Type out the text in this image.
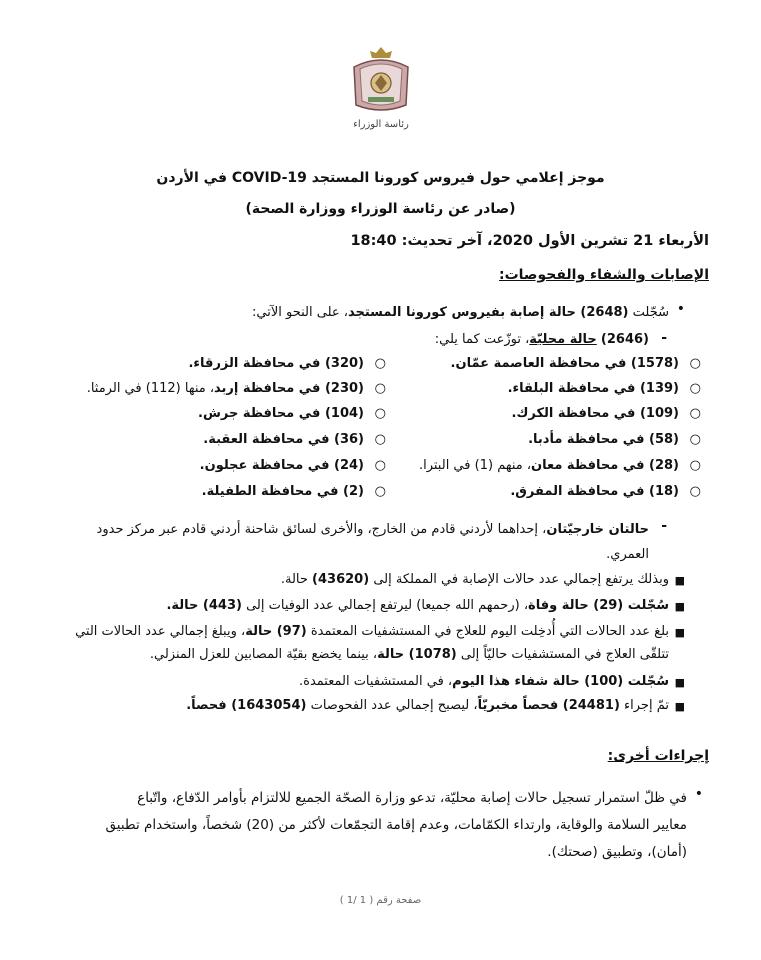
رئاسة الوزراء
موجز إعلامي حول فيروس كورونا المستجد COVID-19 في الأردن
(صادر عن رئاسة الوزراء ووزارة الصحة)
الأربعاء 21 تشرين الأول 2020، آخر تحديث: 18:40
الإصابات والشفاء والفحوصات:
•
سُجّلت (2648) حالة إصابة بفيروس كورونا المستجد، على النحو الآتي:
-
(2646) حالة محليّة، توزّعت كما يلي:
○
(1578) في محافظة العاصمة عمّان.
○
(139) في محافظة البلقاء.
○
(109) في محافظة الكرك.
○
(58) في محافظة مأدبا.
○
(28) في محافظة معان، منهم (1) في البترا.
○
(18) في محافظة المفرق.
○
(320) في محافظة الزرقاء.
○
(230) في محافظة إربد، منها (112) في الرمثا.
○
(104) في محافظة جرش.
○
(36) في محافظة العقبة.
○
(24) في محافظة عجلون.
○
(2) في محافظة الطفيلة.
-
حالتان خارجيّتان، إحداهما لأردني قادم من الخارج، والأخرى لسائق شاحنة أردني قادم عبر مركز حدود
العمري.
■
وبذلك يرتفع إجمالي عدد حالات الإصابة في المملكة إلى (43620) حالة.
■
سُجّلت (29) حالة وفاة، (رحمهم الله جميعا) ليرتفع إجمالي عدد الوفيات إلى (443) حالة.
■
بلغ عدد الحالات التي أُدخِلت اليوم للعلاج في المستشفيات المعتمدة (97) حالة، ويبلغ إجمالي عدد الحالات التي
تتلقّى العلاج في المستشفيات حاليّاً إلى (1078) حالة، بينما يخضع بقيّة المصابين للعزل المنزلي.
■
سُجّلت (100) حالة شفاء هذا اليوم، في المستشفيات المعتمدة.
■
تمّ إجراء (24481) فحصاً مخبريّاً، ليصبح إجمالي عدد الفحوصات (1643054) فحصاً.
إجراءات أخرى:
•
في ظلّ استمرار تسجيل حالات إصابة محليّة، تدعو وزارة الصحّة الجميع للالتزام بأوامر الدّفاع، واتّباع
معايير السلامة والوقاية، وارتداء الكمّامات، وعدم إقامة التجمّعات لأكثر من (20) شخصاً، واستخدام تطبيق
(أمان)، وتطبيق (صحتك).
صفحة رقم ( 1 /1 )
